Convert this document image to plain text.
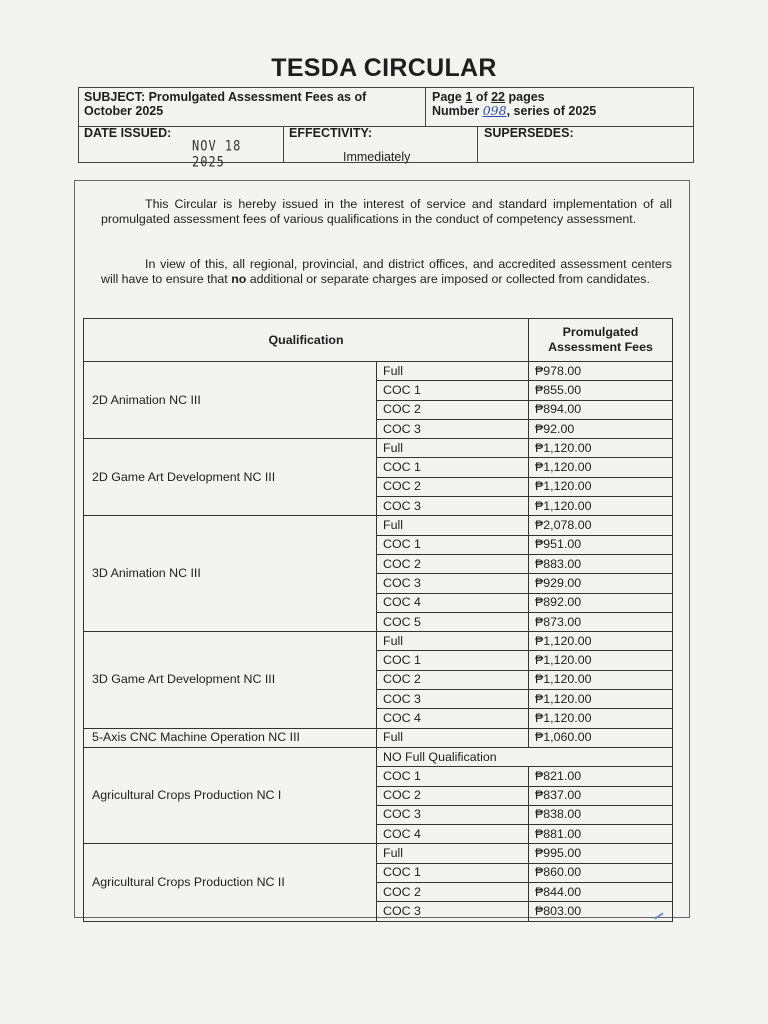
TESDA CIRCULAR
SUBJECT: Promulgated Assessment Fees as of October 2025
Page 1 of 22 pages
Number 098, series of 2025
DATE ISSUED:
NOV 18 2025
EFFECTIVITY:
Immediately
SUPERSEDES:
This Circular is hereby issued in the interest of service and standard implementation of all promulgated assessment fees of various qualifications in the conduct of competency assessment.
In view of this, all regional, provincial, and district offices, and accredited assessment centers will have to ensure that no additional or separate charges are imposed or collected from candidates.
Qualification		Promulgated Assessment Fees
2D Animation NC III	Full	₱978.00
	COC 1	₱855.00
	COC 2	₱894.00
	COC 3	₱92.00
2D Game Art Development NC III	Full	₱1,120.00
	COC 1	₱1,120.00
	COC 2	₱1,120.00
	COC 3	₱1,120.00
3D Animation NC III	Full	₱2,078.00
	COC 1	₱951.00
	COC 2	₱883.00
	COC 3	₱929.00
	COC 4	₱892.00
	COC 5	₱873.00
3D Game Art Development NC III	Full	₱1,120.00
	COC 1	₱1,120.00
	COC 2	₱1,120.00
	COC 3	₱1,120.00
	COC 4	₱1,120.00
5-Axis CNC Machine Operation NC III	Full	₱1,060.00
Agricultural Crops Production NC I	NO Full Qualification	
	COC 1	₱821.00
	COC 2	₱837.00
	COC 3	₱838.00
	COC 4	₱881.00
Agricultural Crops Production NC II	Full	₱995.00
	COC 1	₱860.00
	COC 2	₱844.00
	COC 3	₱803.00
